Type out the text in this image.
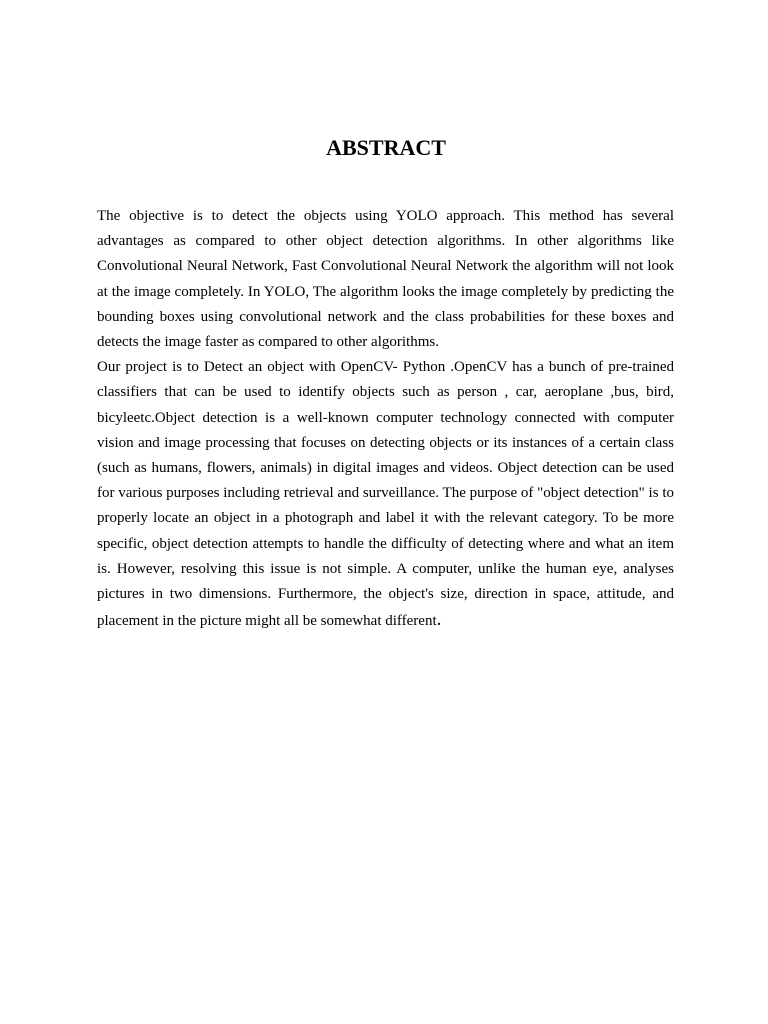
ABSTRACT

The objective is to detect the objects using YOLO approach. This method has several advantages as compared to other object detection algorithms. In other algorithms like Convolutional Neural Network, Fast Convolutional Neural Network the algorithm will not look at the image completely. In YOLO, The algorithm looks the image completely by predicting the bounding boxes using convolutional network and the class probabilities for these boxes and detects the image faster as compared to other algorithms.

Our project is to Detect an object with OpenCV- Python .OpenCV has a bunch of pre-trained classifiers that can be used to identify objects such as person , car, aeroplane ,bus, bird, bicyleetc.Object detection is a well-known computer technology connected with computer vision and image processing that focuses on detecting objects or its instances of a certain class (such as humans, flowers, animals) in digital images and videos. Object detection can be used for various purposes including retrieval and surveillance. The purpose of "object detection" is to properly locate an object in a photograph and label it with the relevant category. To be more specific, object detection attempts to handle the difficulty of detecting where and what an item is. However, resolving this issue is not simple. A computer, unlike the human eye, analyses pictures in two dimensions. Furthermore, the object's size, direction in space, attitude, and placement in the picture might all be somewhat different.
